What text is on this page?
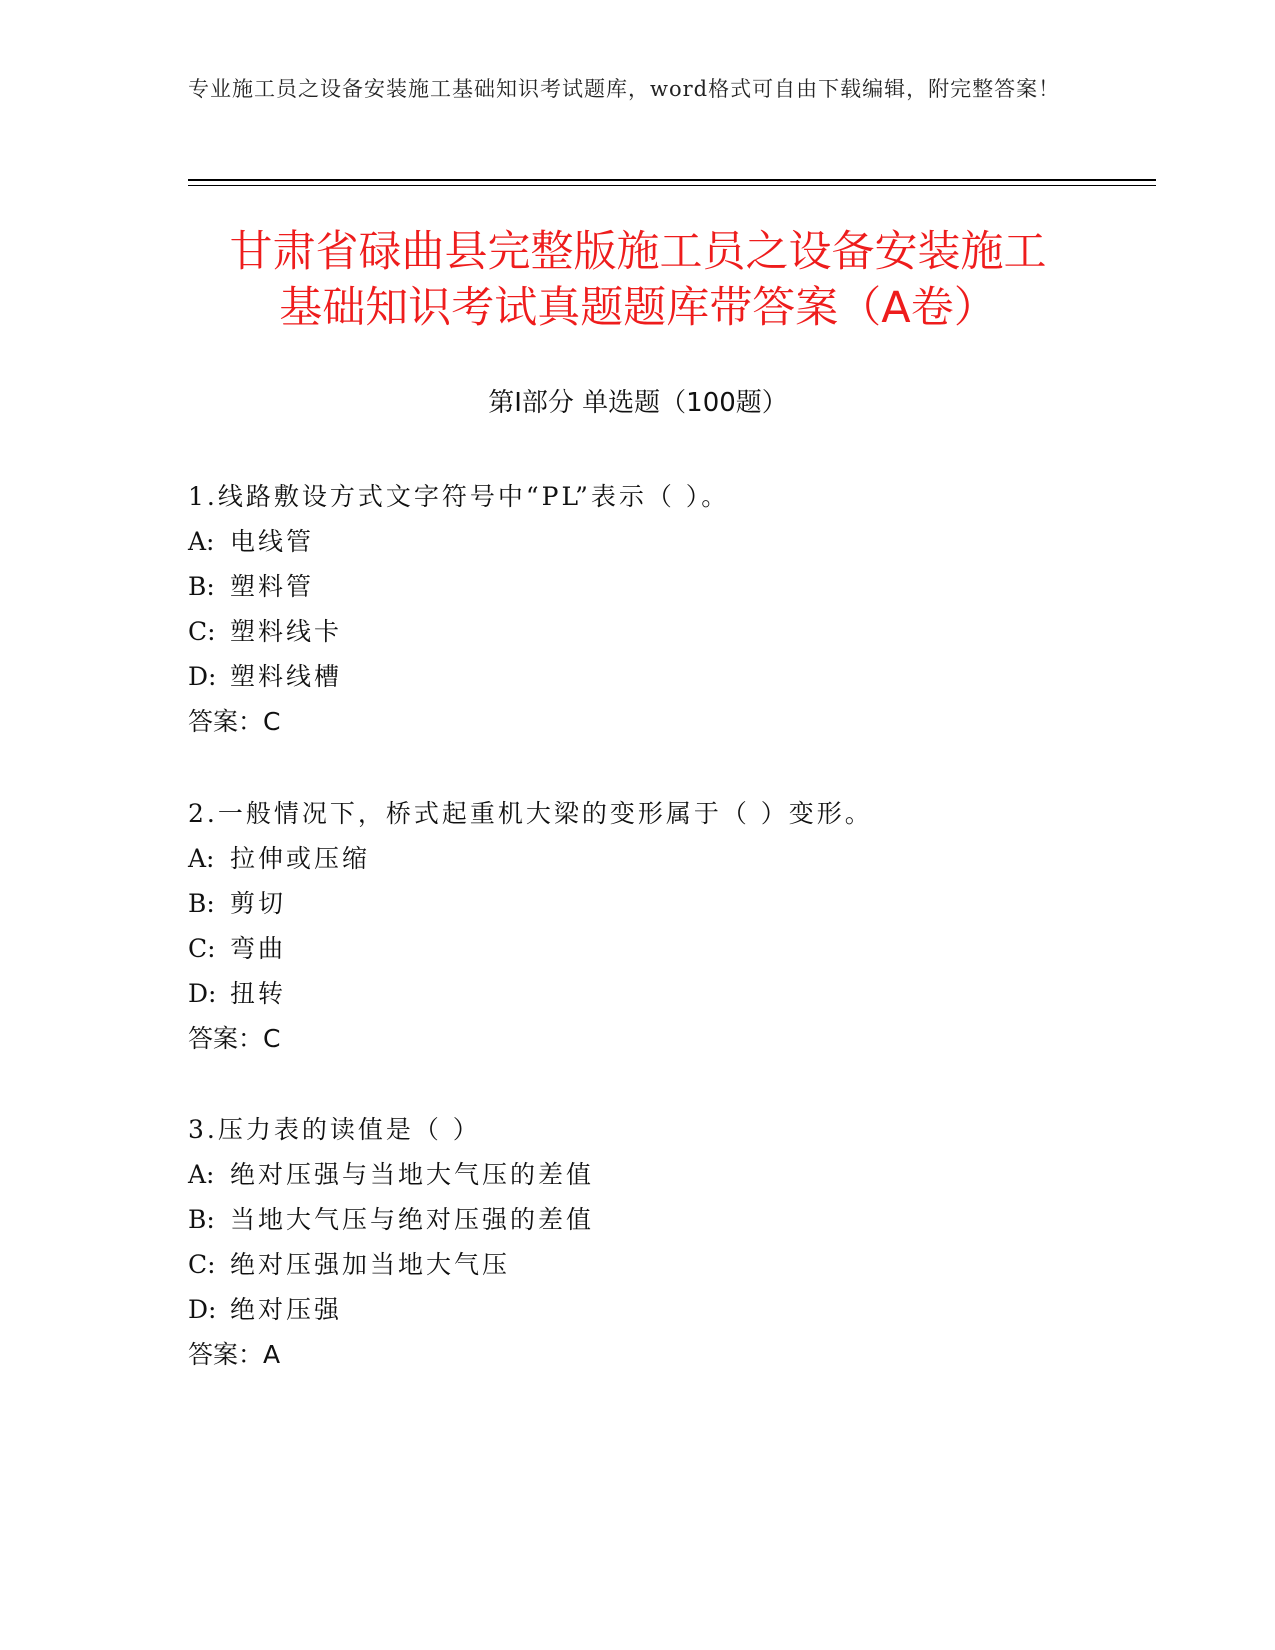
专业施工员之设备安装施工基础知识考试题库，word格式可自由下载编辑，附完整答案！
甘肃省碌曲县完整版施工员之设备安装施工
基础知识考试真题题库带答案（A卷）
第Ⅰ部分 单选题（100题）
1.线路敷设方式文字符号中“PL”表示（ ）。
A: 电线管
B: 塑料管
C: 塑料线卡
D: 塑料线槽
答案：C
2.一般情况下，桥式起重机大梁的变形属于（ ）变形。
A: 拉伸或压缩
B: 剪切
C: 弯曲
D: 扭转
答案：C
3.压力表的读值是（ ）
A: 绝对压强与当地大气压的差值
B: 当地大气压与绝对压强的差值
C: 绝对压强加当地大气压
D: 绝对压强
答案：A
